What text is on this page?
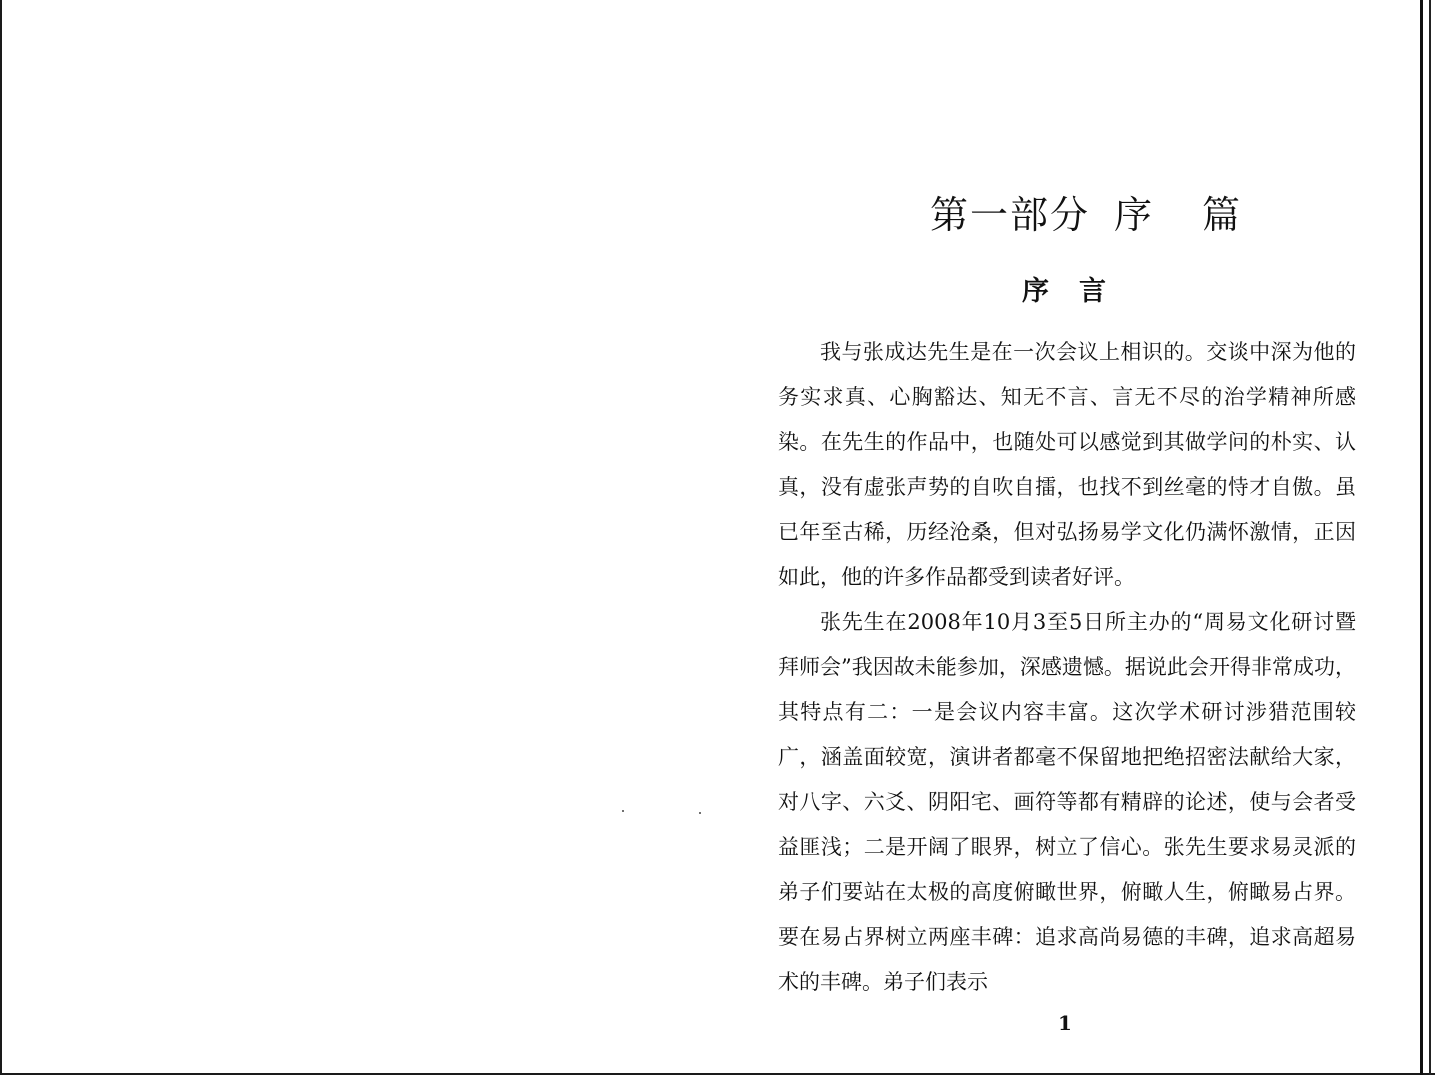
第一部分 序 篇
序言

我与张成达先生是在一次会议上相识的。交谈中深为他的务实求真、心胸豁达、知无不言、言无不尽的治学精神所感染。在先生的作品中，也随处可以感觉到其做学问的朴实、认真，没有虚张声势的自吹自擂，也找不到丝毫的恃才自傲。虽已年至古稀，历经沧桑，但对弘扬易学文化仍满怀激情，正因如此，他的许多作品都受到读者好评。

张先生在2008年10月3至5日所主办的“周易文化研讨暨拜师会”我因故未能参加，深感遗憾。据说此会开得非常成功，其特点有二：一是会议内容丰富。这次学术研讨涉猎范围较广，涵盖面较宽，演讲者都毫不保留地把绝招密法献给大家，对八字、六爻、阴阳宅、画符等都有精辟的论述，使与会者受益匪浅；二是开阔了眼界，树立了信心。张先生要求易灵派的弟子们要站在太极的高度俯瞰世界，俯瞰人生，俯瞰易占界。要在易占界树立两座丰碑：追求高尚易德的丰碑，追求高超易术的丰碑。弟子们表示

1
